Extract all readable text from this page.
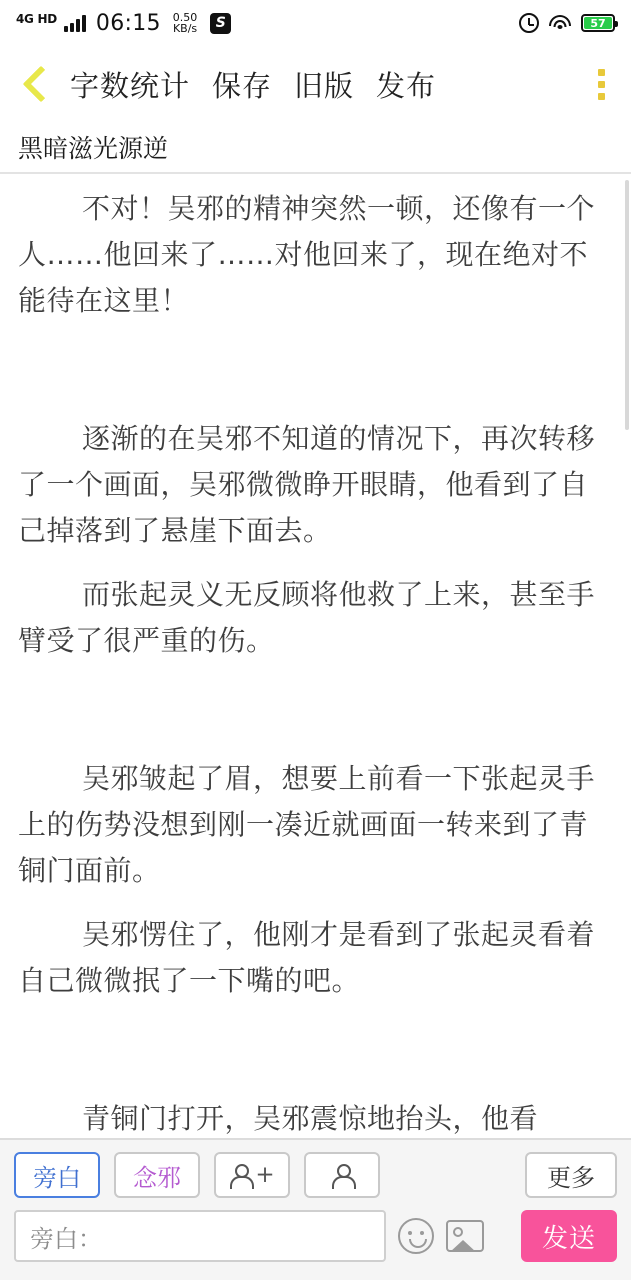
4G HD 06:15 0.50
KB/s	S	57
字数统计 保存 旧版 发布
黑暗滋光源逆
不对！吴邪的精神突然一顿，还像有一个人……他回来了……对他回来了，现在绝对不能待在这里！
逐渐的在吴邪不知道的情况下，再次转移了一个画面，吴邪微微睁开眼睛，他看到了自己掉落到了悬崖下面去。
而张起灵义无反顾将他救了上来，甚至手臂受了很严重的伤。
吴邪皱起了眉，想要上前看一下张起灵手上的伤势没想到刚一凑近就画面一转来到了青铜门面前。
吴邪愣住了，他刚才是看到了张起灵看着自己微微抿了一下嘴的吧。
青铜门打开，吴邪震惊地抬头，他看
旁白	念邪	+	更多
旁白：	发送
